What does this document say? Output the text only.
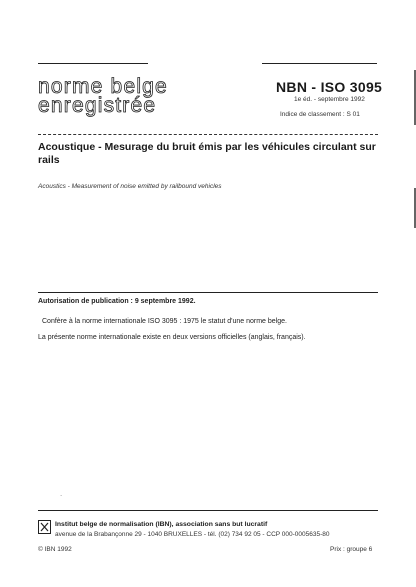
norme belge
enregistrée
NBN - ISO 3095
1e éd. - septembre 1992
Indice de classement : S 01
Acoustique - Mesurage du bruit émis par les véhicules circulant sur rails
Acoustics - Measurement of noise emitted by railbound vehicles
Autorisation de publication : 9 septembre 1992.
Confère à la norme internationale ISO 3095 : 1975 le statut d'une norme belge.
La présente norme internationale existe en deux versions officielles (anglais, français).
·
Institut belge de normalisation (IBN), association sans but lucratif
avenue de la Brabançonne 29 - 1040 BRUXELLES - tél. (02) 734 92 05 - CCP 000-0005635-80
© IBN 1992	Prix : groupe 6
